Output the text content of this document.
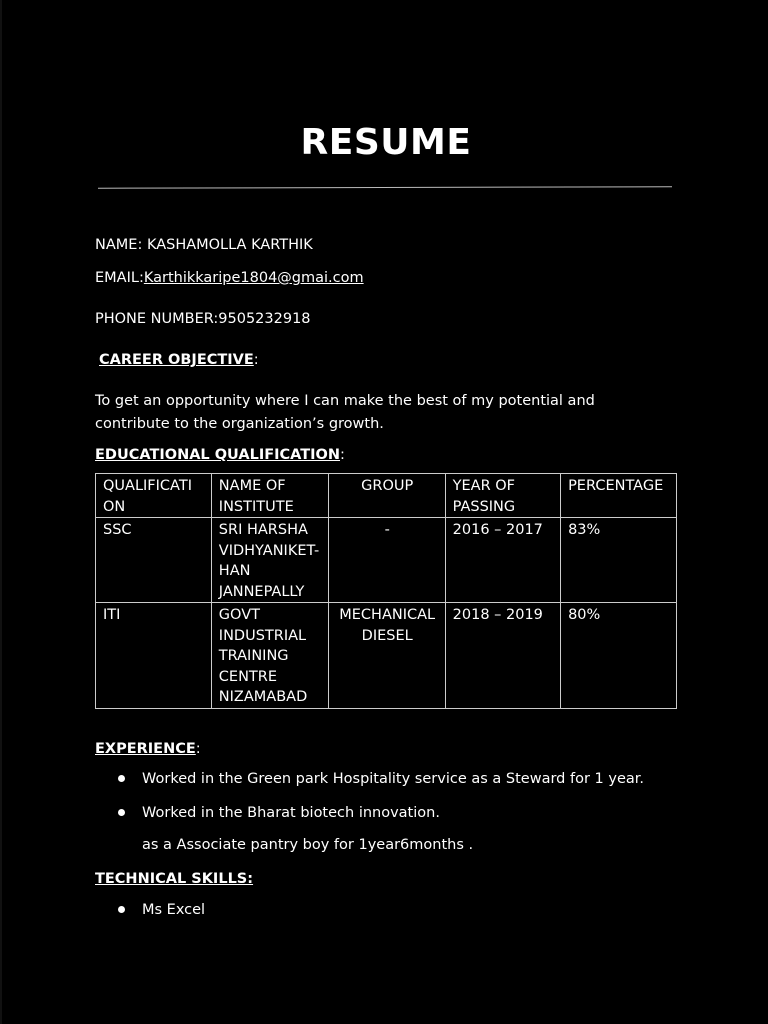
RESUME
NAME: KASHAMOLLA KARTHIK
EMAIL:Karthikkaripe1804@gmai.com
PHONE NUMBER:9505232918
CAREER OBJECTIVE:
To get an opportunity where I can make the best of my potential and
contribute to the organization’s growth.
EDUCATIONAL QUALIFICATION:
QUALIFICATI ON	NAME OF INSTITUTE	GROUP	YEAR OF PASSING	PERCENTAGE
SSC	SRI HARSHA VIDHYANIKET-HAN JANNEPALLY	-	2016 – 2017	83%
ITI	GOVT INDUSTRIAL TRAINING CENTRE NIZAMABAD	MECHANICAL DIESEL	2018 – 2019	80%
EXPERIENCE:
Worked in the Green park Hospitality service as a Steward for 1 year.
Worked in the Bharat biotech innovation.
as a Associate pantry boy for 1year6months .
TECHNICAL SKILLS:
Ms Excel
